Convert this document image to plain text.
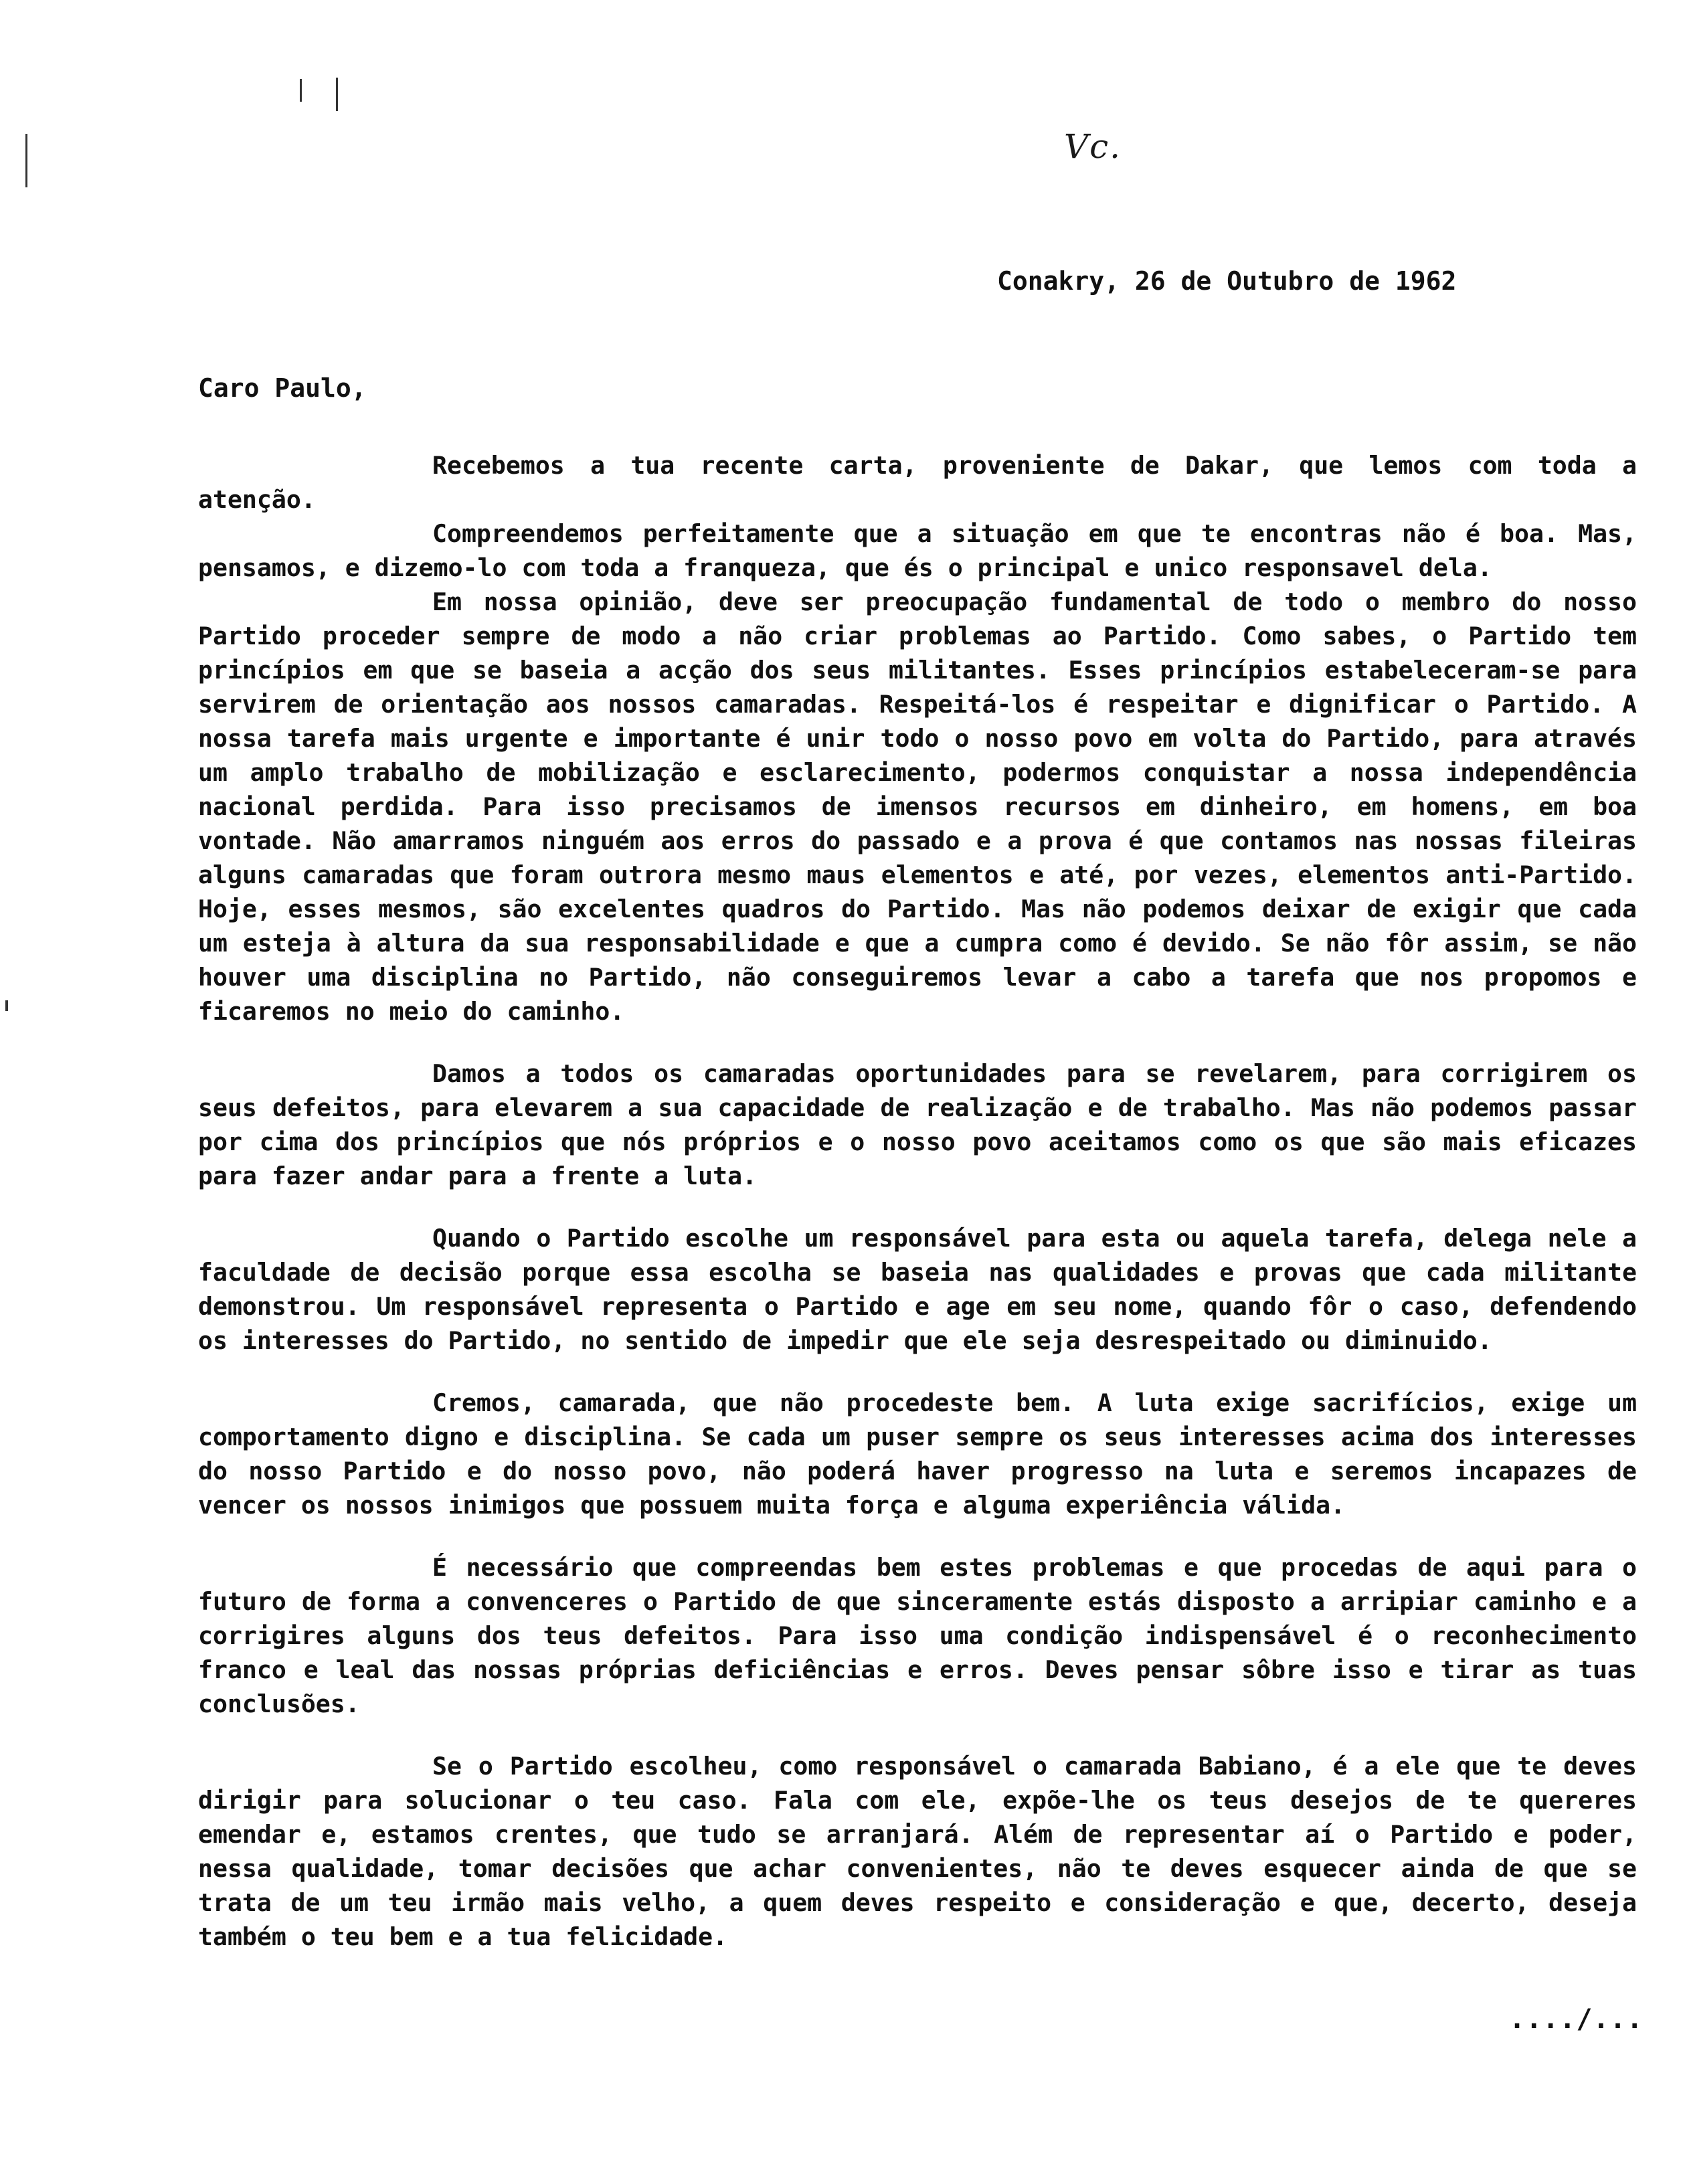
Vc.
Conakry, 26 de Outubro de 1962
Caro Paulo,

Recebemos a tua recente carta, proveniente de Dakar, que lemos com toda a atenção.

Compreendemos perfeitamente que a situação em que te encontras não é boa. Mas, pensamos, e dizemo-lo com toda a franqueza, que és o principal e unico responsavel dela.

Em nossa opinião, deve ser preocupação fundamental de todo o membro do nosso Partido proceder sempre de modo a não criar problemas ao Partido. Como sabes, o Partido tem princípios em que se baseia a acção dos seus militantes. Esses princípios estabeleceram-se para servirem de orientação aos nossos camaradas. Respeitá-los é respeitar e dignificar o Partido. A nossa tarefa mais urgente e importante é unir todo o nosso povo em volta do Partido, para através um amplo trabalho de mobilização e esclarecimento, podermos conquistar a nossa independência nacional perdida. Para isso precisamos de imensos recursos em dinheiro, em homens, em boa vontade. Não amarramos ninguém aos erros do passado e a prova é que contamos nas nossas fileiras alguns camaradas que foram outrora mesmo maus elementos e até, por vezes, elementos anti-Partido. Hoje, esses mesmos, são excelentes quadros do Partido. Mas não podemos deixar de exigir que cada um esteja à altura da sua responsabilidade e que a cumpra como é devido. Se não fôr assim, se não houver uma disciplina no Partido, não conseguiremos levar a cabo a tarefa que nos propomos e ficaremos no meio do caminho.

Damos a todos os camaradas oportunidades para se revelarem, para corrigirem os seus defeitos, para elevarem a sua capacidade de realização e de trabalho. Mas não podemos passar por cima dos princípios que nós próprios e o nosso povo aceitamos como os que são mais eficazes para fazer andar para a frente a luta.

Quando o Partido escolhe um responsável para esta ou aquela tarefa, delega nele a faculdade de decisão porque essa escolha se baseia nas qualidades e provas que cada militante demonstrou. Um responsável representa o Partido e age em seu nome, quando fôr o caso, defendendo os interesses do Partido, no sentido de impedir que ele seja desrespeitado ou diminuido.

Cremos, camarada, que não procedeste bem. A luta exige sacrifícios, exige um comportamento digno e disciplina. Se cada um puser sempre os seus interesses acima dos interesses do nosso Partido e do nosso povo, não poderá haver progresso na luta e seremos incapazes de vencer os nossos inimigos que possuem muita força e alguma experiência válida.

É necessário que compreendas bem estes problemas e que procedas de aqui para o futuro de forma a convenceres o Partido de que sinceramente estás disposto a arripiar caminho e a corrigires alguns dos teus defeitos. Para isso uma condição indispensável é o reconhecimento franco e leal das nossas próprias deficiências e erros. Deves pensar sôbre isso e tirar as tuas conclusões.

Se o Partido escolheu, como responsável o camarada Babiano, é a ele que te deves dirigir para solucionar o teu caso. Fala com ele, expõe-lhe os teus desejos de te quereres emendar e, estamos crentes, que tudo se arranjará. Além de representar aí o Partido e poder, nessa qualidade, tomar decisões que achar convenientes, não te deves esquecer ainda de que se trata de um teu irmão mais velho, a quem deves respeito e consideração e que, decerto, deseja também o teu bem e a tua felicidade.

..../...
